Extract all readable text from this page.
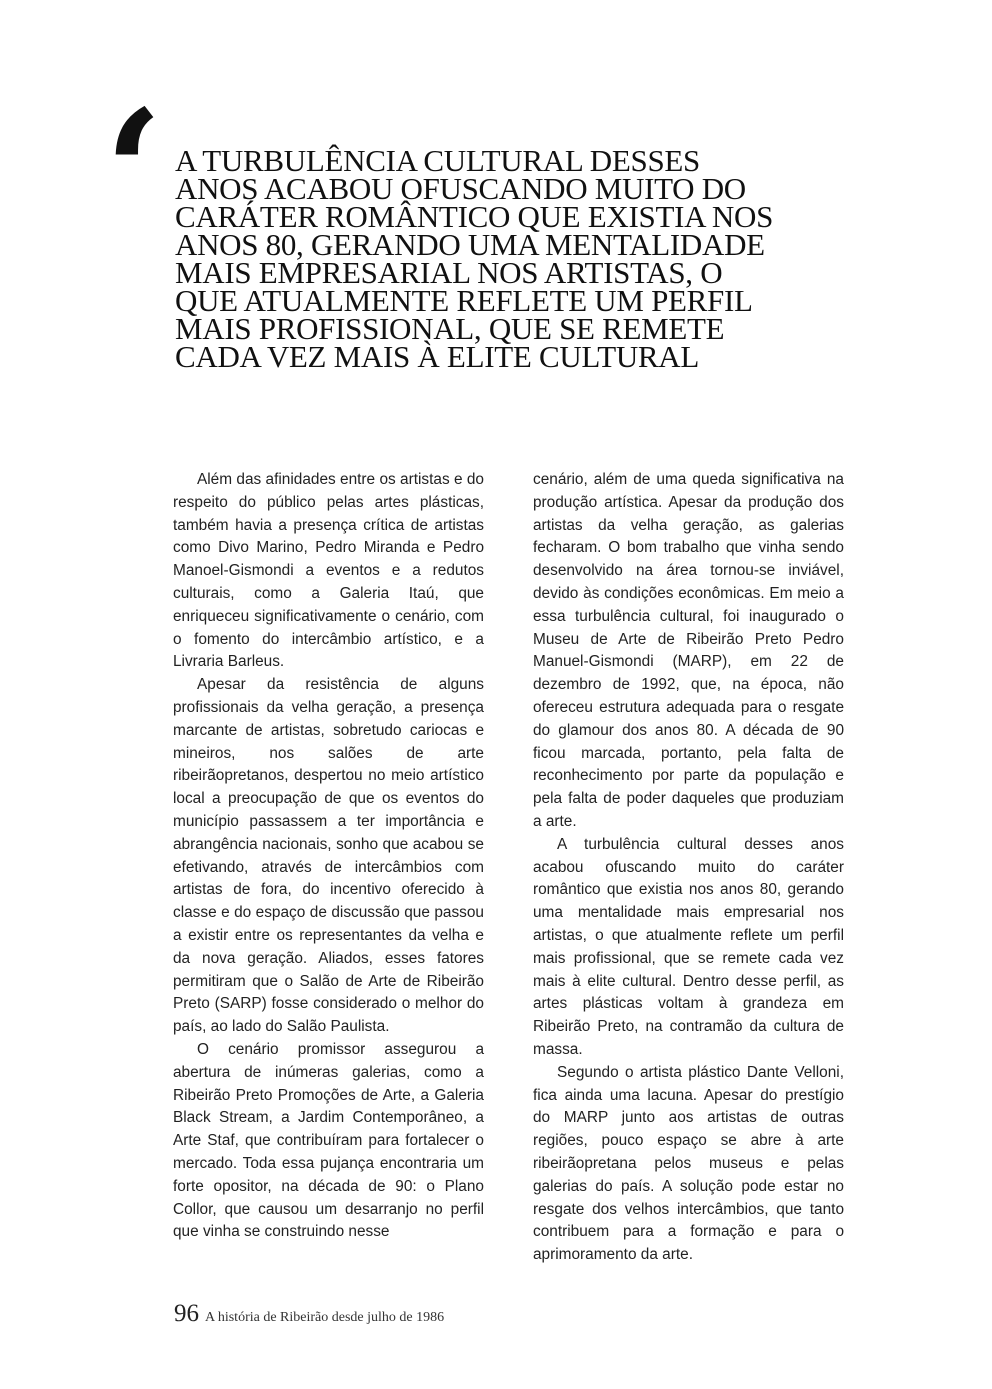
‘ A TURBULÊNCIA CULTURAL DESSES ANOS ACABOU OFUSCANDO MUITO DO CARÁTER ROMÂNTICO QUE EXISTIA NOS ANOS 80, GERANDO UMA MENTALIDADE MAIS EMPRESARIAL NOS ARTISTAS, O QUE ATUALMENTE REFLETE UM PERFIL MAIS PROFISSIONAL, QUE SE REMETE CADA VEZ MAIS À ELITE CULTURAL

Além das afinidades entre os artistas e do respeito do público pelas artes plásticas, também havia a presença crítica de artistas como Divo Marino, Pedro Miranda e Pedro Manoel-Gismondi a eventos e a redutos culturais, como a Galeria Itaú, que enriqueceu significativamente o cenário, com o fomento do intercâmbio artístico, e a Livraria Barleus.

Apesar da resistência de alguns profissionais da velha geração, a presença marcante de artistas, sobretudo cariocas e mineiros, nos salões de arte ribeirãopretanos, despertou no meio artístico local a preocupação de que os eventos do município passassem a ter importância e abrangência nacionais, sonho que acabou se efetivando, através de intercâmbios com artistas de fora, do incentivo oferecido à classe e do espaço de discussão que passou a existir entre os representantes da velha e da nova geração. Aliados, esses fatores permitiram que o Salão de Arte de Ribeirão Preto (SARP) fosse considerado o melhor do país, ao lado do Salão Paulista.

O cenário promissor assegurou a abertura de inúmeras galerias, como a Ribeirão Preto Promoções de Arte, a Galeria Black Stream, a Jardim Contemporâneo, a Arte Staf, que contribuíram para fortalecer o mercado. Toda essa pujança encontraria um forte opositor, na década de 90: o Plano Collor, que causou um desarranjo no perfil que vinha se construindo nesse

cenário, além de uma queda significativa na produção artística. Apesar da produção dos artistas da velha geração, as galerias fecharam. O bom trabalho que vinha sendo desenvolvido na área tornou-se inviável, devido às condições econômicas. Em meio a essa turbulência cultural, foi inaugurado o Museu de Arte de Ribeirão Preto Pedro Manuel-Gismondi (MARP), em 22 de dezembro de 1992, que, na época, não ofereceu estrutura adequada para o resgate do glamour dos anos 80. A década de 90 ficou marcada, portanto, pela falta de reconhecimento por parte da população e pela falta de poder daqueles que produziam a arte.

A turbulência cultural desses anos acabou ofuscando muito do caráter romântico que existia nos anos 80, gerando uma mentalidade mais empresarial nos artistas, o que atualmente reflete um perfil mais profissional, que se remete cada vez mais à elite cultural. Dentro desse perfil, as artes plásticas voltam à grandeza em Ribeirão Preto, na contramão da cultura de massa.

Segundo o artista plástico Dante Velloni, fica ainda uma lacuna. Apesar do prestígio do MARP junto aos artistas de outras regiões, pouco espaço se abre à arte ribeirãopretana pelos museus e pelas galerias do país. A solução pode estar no resgate dos velhos intercâmbios, que tanto contribuem para a formação e para o aprimoramento da arte.

96 A história de Ribeirão desde julho de 1986
